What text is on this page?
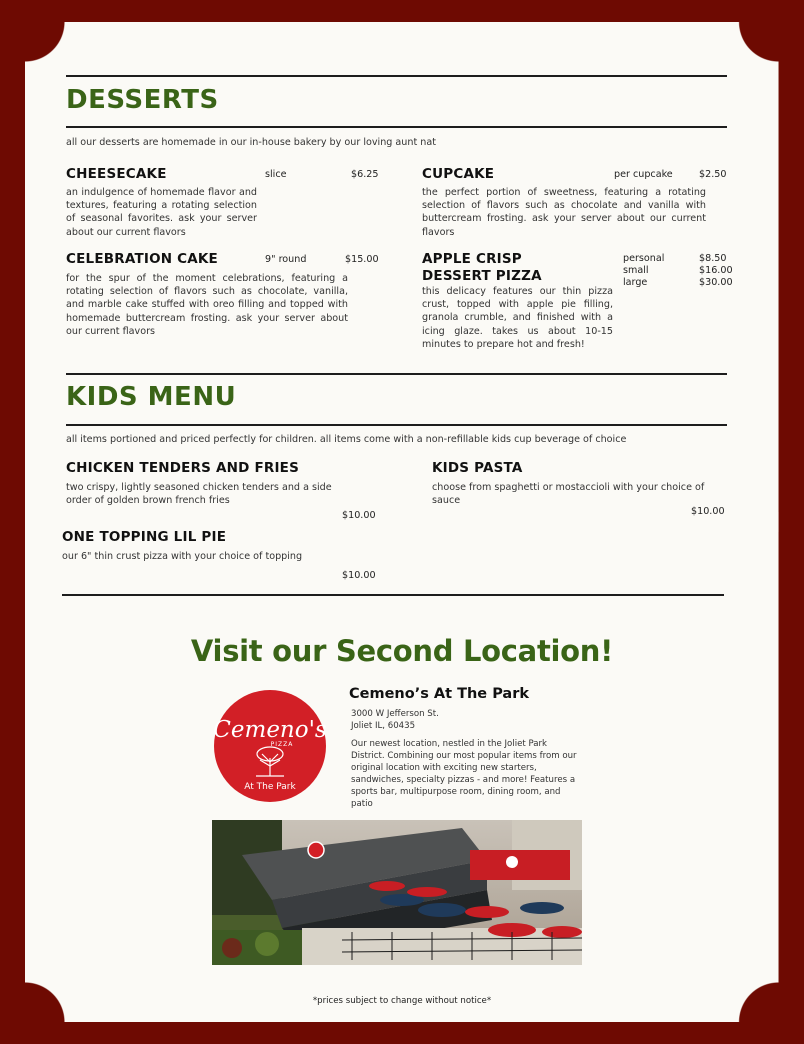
DESSERTS
all our desserts are homemade in our in-house bakery by our loving aunt nat
CHEESECAKE	slice	$6.25
an indulgence of homemade flavor and textures, featuring a rotating selection of seasonal favorites. ask your server about our current flavors
CUPCAKE	per cupcake	$2.50
the perfect portion of sweetness, featuring a rotating selection of flavors such as chocolate and vanilla with buttercream frosting. ask your server about our current flavors
CELEBRATION CAKE	9" round	$15.00
for the spur of the moment celebrations, featuring a rotating selection of flavors such as chocolate, vanilla, and marble cake stuffed with oreo filling and topped with homemade buttercream frosting. ask your server about our current flavors
APPLE CRISP
DESSERT PIZZA
this delicacy features our thin pizza crust, topped with apple pie filling, granola crumble, and finished with a icing glaze. takes us about 10-15 minutes to prepare hot and fresh!
personal	$8.50
small	$16.00
large	$30.00
KIDS MENU
all items portioned and priced perfectly for children. all items come with a non-refillable kids cup beverage of choice
CHICKEN TENDERS AND FRIES
two crispy, lightly seasoned chicken tenders and a side order of golden brown french fries
$10.00
KIDS PASTA
choose from spaghetti or mostaccioli with your choice of sauce
$10.00
ONE TOPPING LIL PIE
our 6" thin crust pizza with your choice of topping
$10.00
Visit our Second Location!
Cemeno's
PIZZA
At The Park
Cemeno’s At The Park
3000 W Jefferson St.
Joliet IL, 60435
Our newest location, nestled in the Joliet Park District. Combining our most popular items from our original location with exciting new starters, sandwiches, specialty pizzas - and more! Features a sports bar, multipurpose room, dining room, and patio
*prices subject to change without notice*
